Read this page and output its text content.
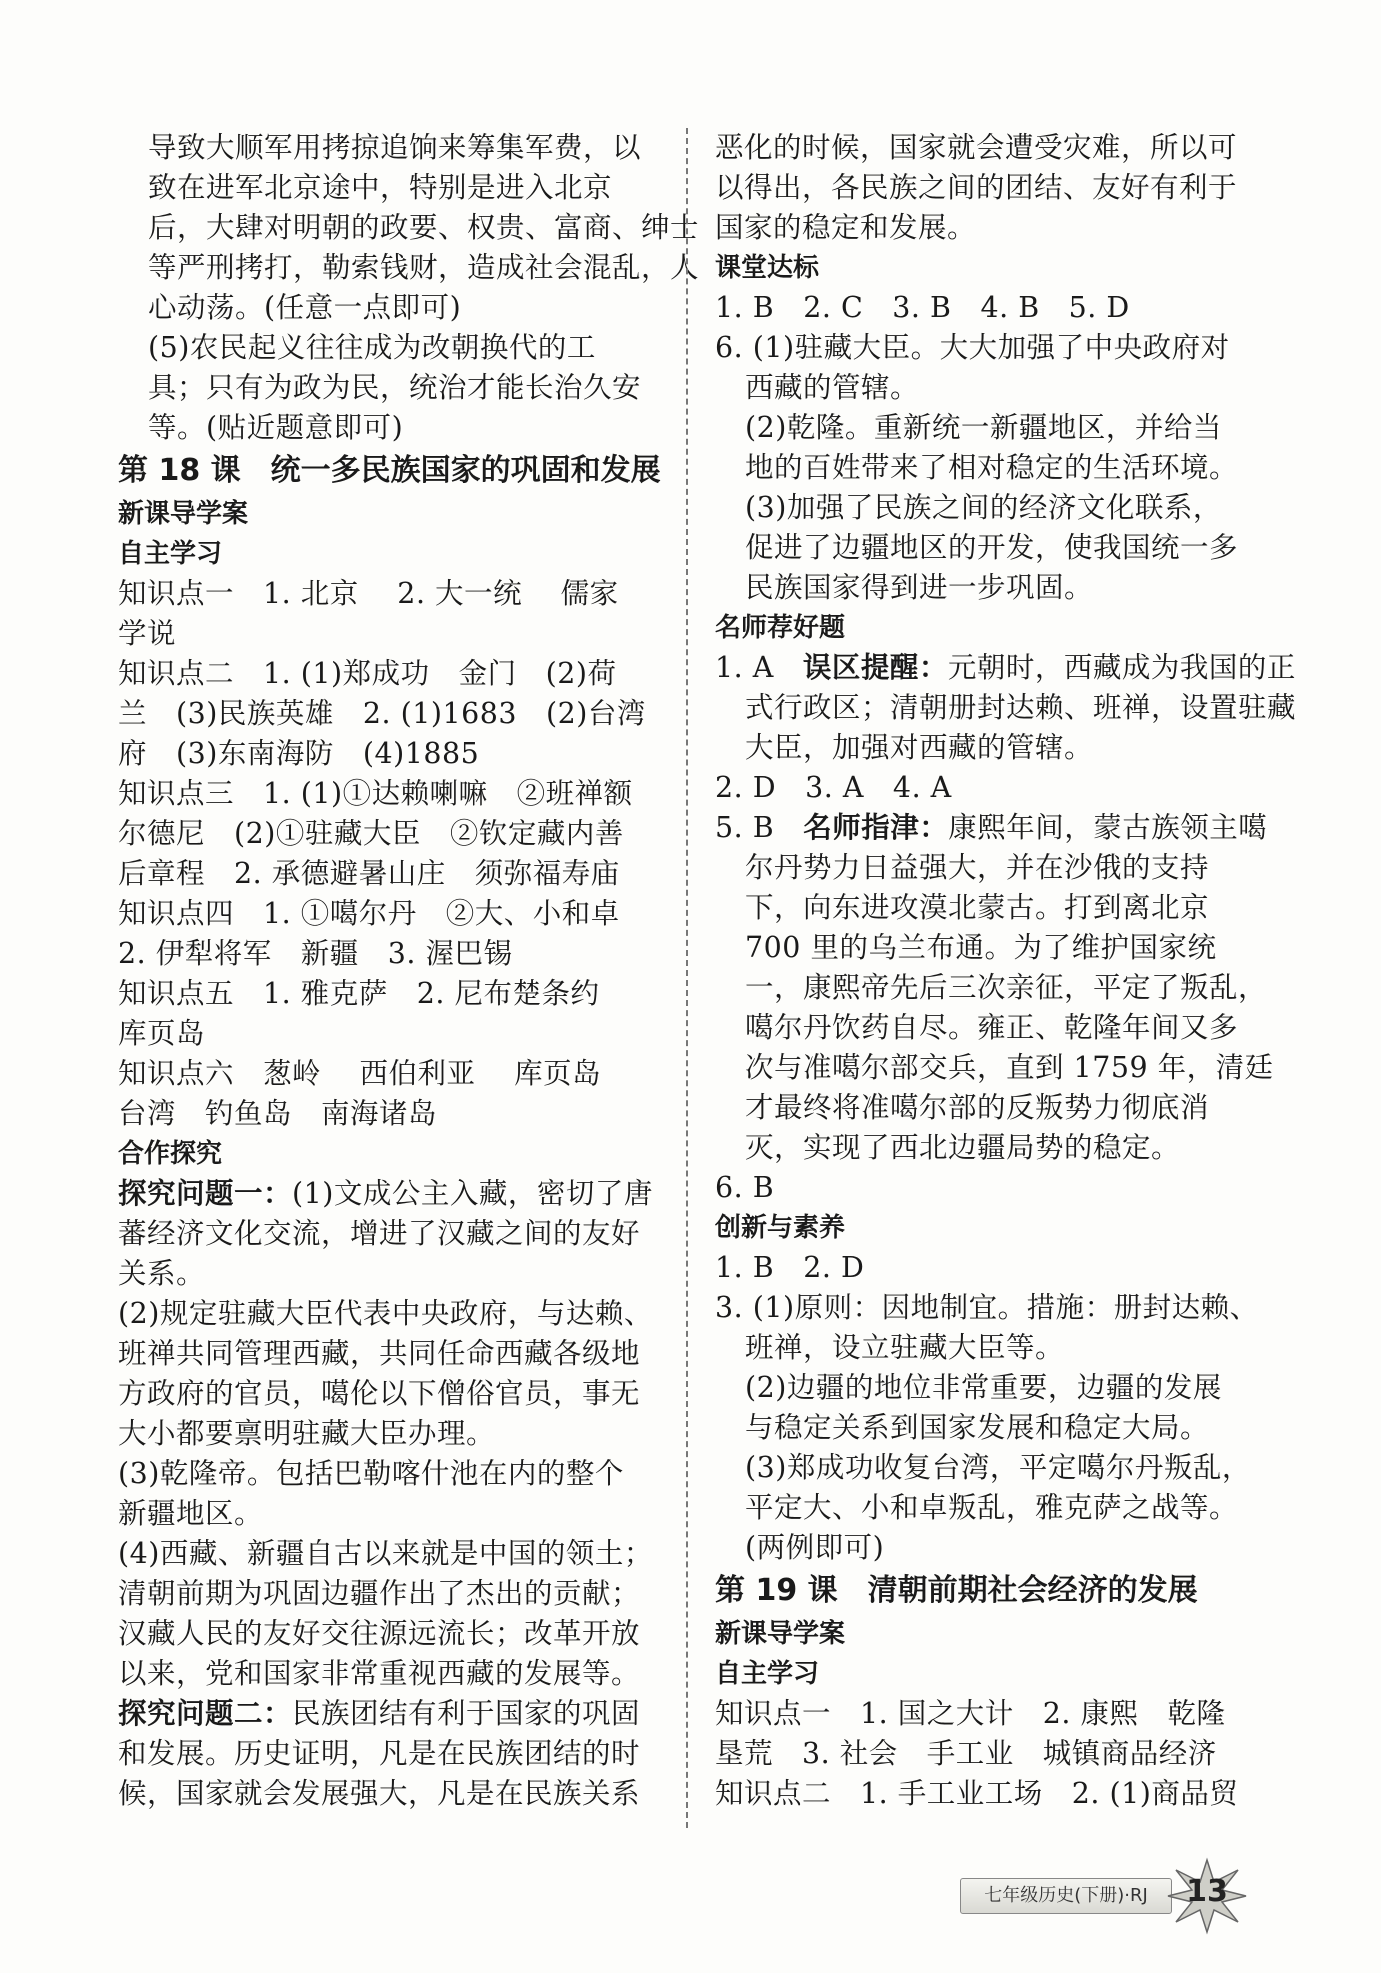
导致大顺军用拷掠追饷来筹集军费，以
致在进军北京途中，特别是进入北京
后，大肆对明朝的政要、权贵、富商、绅士
等严刑拷打，勒索钱财，造成社会混乱，人
心动荡。(任意一点即可)
(5)农民起义往往成为改朝换代的工
具；只有为政为民，统治才能长治久安
等。(贴近题意即可)
第 18 课　统一多民族国家的巩固和发展
新课导学案
自主学习
知识点一　1. 北京　 2. 大一统　 儒家
学说
知识点二　1. (1)郑成功　金门　(2)荷
兰　(3)民族英雄　2. (1)1683　(2)台湾
府　(3)东南海防　(4)1885
知识点三　1. (1)①达赖喇嘛　②班禅额
尔德尼　(2)①驻藏大臣　②钦定藏内善
后章程　2. 承德避暑山庄　须弥福寿庙
知识点四　1. ①噶尔丹　②大、小和卓
2. 伊犁将军　新疆　3. 渥巴锡
知识点五　1. 雅克萨　2. 尼布楚条约
库页岛
知识点六　葱岭　 西伯利亚　 库页岛
台湾　钓鱼岛　南海诸岛
合作探究
探究问题一：(1)文成公主入藏，密切了唐
蕃经济文化交流，增进了汉藏之间的友好
关系。
(2)规定驻藏大臣代表中央政府，与达赖、
班禅共同管理西藏，共同任命西藏各级地
方政府的官员，噶伦以下僧俗官员，事无
大小都要禀明驻藏大臣办理。
(3)乾隆帝。包括巴勒喀什池在内的整个
新疆地区。
(4)西藏、新疆自古以来就是中国的领土；
清朝前期为巩固边疆作出了杰出的贡献；
汉藏人民的友好交往源远流长；改革开放
以来，党和国家非常重视西藏的发展等。
探究问题二：民族团结有利于国家的巩固
和发展。历史证明，凡是在民族团结的时
候，国家就会发展强大，凡是在民族关系
恶化的时候，国家就会遭受灾难，所以可
以得出，各民族之间的团结、友好有利于
国家的稳定和发展。
课堂达标
1. B　2. C　3. B　4. B　5. D
6. (1)驻藏大臣。大大加强了中央政府对
西藏的管辖。
(2)乾隆。重新统一新疆地区，并给当
地的百姓带来了相对稳定的生活环境。
(3)加强了民族之间的经济文化联系，
促进了边疆地区的开发，使我国统一多
民族国家得到进一步巩固。
名师荐好题
1. A　误区提醒：元朝时，西藏成为我国的正
式行政区；清朝册封达赖、班禅，设置驻藏
大臣，加强对西藏的管辖。
2. D　3. A　4. A
5. B　名师指津：康熙年间，蒙古族领主噶
尔丹势力日益强大，并在沙俄的支持
下，向东进攻漠北蒙古。打到离北京
700 里的乌兰布通。为了维护国家统
一，康熙帝先后三次亲征，平定了叛乱，
噶尔丹饮药自尽。雍正、乾隆年间又多
次与准噶尔部交兵，直到 1759 年，清廷
才最终将准噶尔部的反叛势力彻底消
灭，实现了西北边疆局势的稳定。
6. B
创新与素养
1. B　2. D
3. (1)原则：因地制宜。措施：册封达赖、
班禅，设立驻藏大臣等。
(2)边疆的地位非常重要，边疆的发展
与稳定关系到国家发展和稳定大局。
(3)郑成功收复台湾，平定噶尔丹叛乱，
平定大、小和卓叛乱，雅克萨之战等。
(两例即可)
第 19 课　清朝前期社会经济的发展
新课导学案
自主学习
知识点一　1. 国之大计　2. 康熙　乾隆
垦荒　3. 社会　手工业　城镇商品经济
知识点二　1. 手工业工场　2. (1)商品贸
七年级历史(下册)·RJ	13
